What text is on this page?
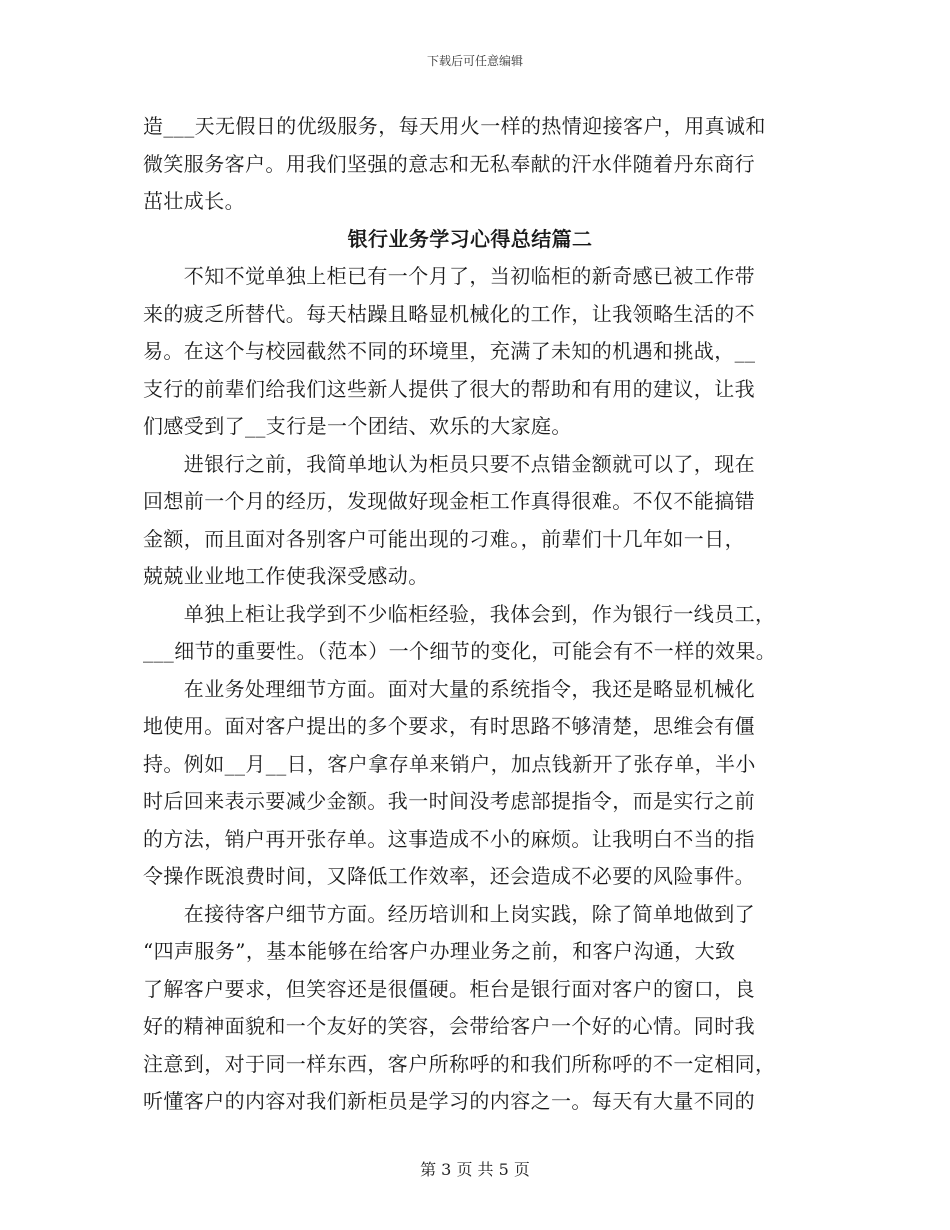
下载后可任意编辑
造___天无假日的优级服务，每天用火一样的热情迎接客户，用真诚和
微笑服务客户。用我们坚强的意志和无私奉献的汗水伴随着丹东商行
茁壮成长。
银行业务学习心得总结篇二
　　不知不觉单独上柜已有一个月了，当初临柜的新奇感已被工作带
来的疲乏所替代。每天枯躁且略显机械化的工作，让我领略生活的不
易。在这个与校园截然不同的环境里，充满了未知的机遇和挑战，__
支行的前辈们给我们这些新人提供了很大的帮助和有用的建议，让我
们感受到了__支行是一个团结、欢乐的大家庭。
　　进银行之前，我简单地认为柜员只要不点错金额就可以了，现在
回想前一个月的经历，发现做好现金柜工作真得很难。不仅不能搞错
金额，而且面对各别客户可能出现的刁难。，前辈们十几年如一日，
兢兢业业地工作使我深受感动。
　　单独上柜让我学到不少临柜经验，我体会到，作为银行一线员工，
___细节的重要性。（范本）一个细节的变化，可能会有不一样的效果。
　　在业务处理细节方面。面对大量的系统指令，我还是略显机械化
地使用。面对客户提出的多个要求，有时思路不够清楚，思维会有僵
持。例如__月__日，客户拿存单来销户，加点钱新开了张存单，半小
时后回来表示要减少金额。我一时间没考虑部提指令，而是实行之前
的方法，销户再开张存单。这事造成不小的麻烦。让我明白不当的指
令操作既浪费时间，又降低工作效率，还会造成不必要的风险事件。
　　在接待客户细节方面。经历培训和上岗实践，除了简单地做到了
“四声服务”，基本能够在给客户办理业务之前，和客户沟通，大致
了解客户要求，但笑容还是很僵硬。柜台是银行面对客户的窗口，良
好的精神面貌和一个友好的笑容，会带给客户一个好的心情。同时我
注意到，对于同一样东西，客户所称呼的和我们所称呼的不一定相同，
听懂客户的内容对我们新柜员是学习的内容之一。每天有大量不同的
第 3 页 共 5 页
